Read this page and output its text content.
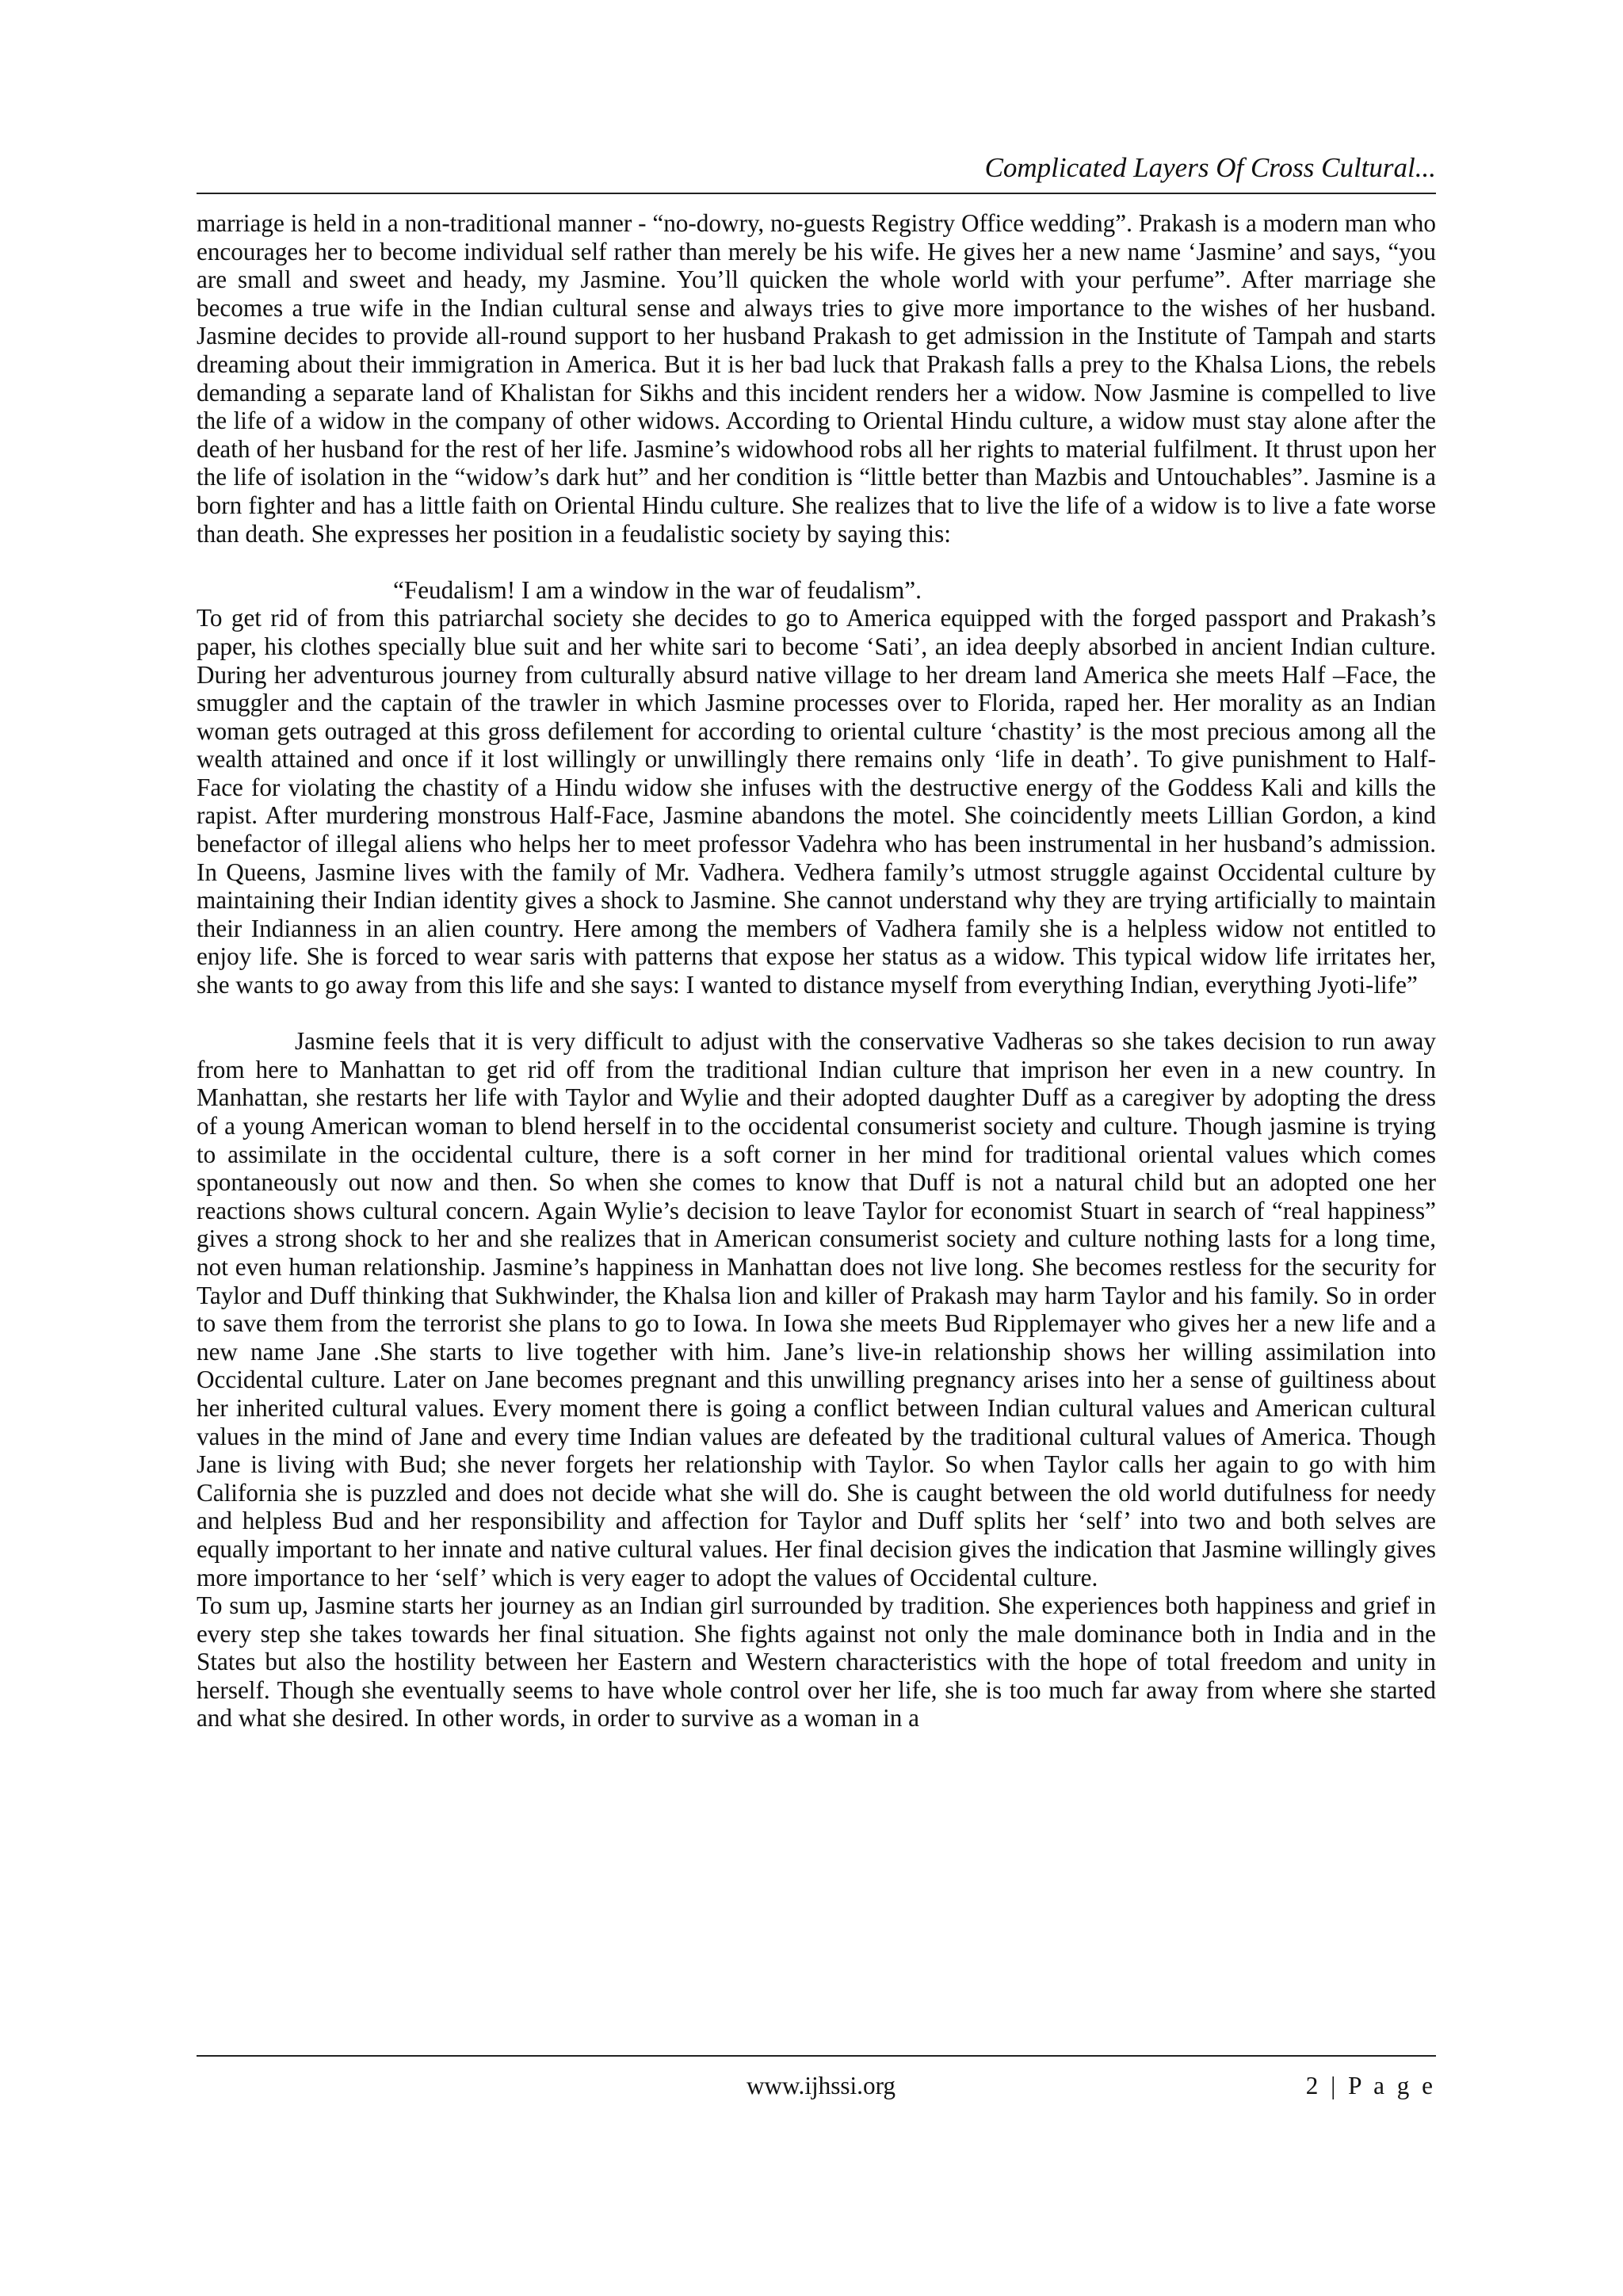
Complicated Layers Of Cross Cultural...

marriage is held in a non-traditional manner - “no-dowry, no-guests Registry Office wedding”. Prakash is a modern man who encourages her to become individual self rather than merely be his wife. He gives her a new name ‘Jasmine’ and says, “you are small and sweet and heady, my Jasmine. You’ll quicken the whole world with your perfume”. After marriage she becomes a true wife in the Indian cultural sense and always tries to give more importance to the wishes of her husband. Jasmine decides to provide all-round support to her husband Prakash to get admission in the Institute of Tampah and starts dreaming about their immigration in America. But it is her bad luck that Prakash falls a prey to the Khalsa Lions, the rebels demanding a separate land of Khalistan for Sikhs and this incident renders her a widow. Now Jasmine is compelled to live the life of a widow in the company of other widows. According to Oriental Hindu culture, a widow must stay alone after the death of her husband for the rest of her life. Jasmine’s widowhood robs all her rights to material fulfilment. It thrust upon her the life of isolation in the “widow’s dark hut” and her condition is “little better than Mazbis and Untouchables”. Jasmine is a born fighter and has a little faith on Oriental Hindu culture. She realizes that to live the life of a widow is to live a fate worse than death. She expresses her position in a feudalistic society by saying this:

“Feudalism! I am a window in the war of feudalism”.

To get rid of from this patriarchal society she decides to go to America equipped with the forged passport and Prakash’s paper, his clothes specially blue suit and her white sari to become ‘Sati’, an idea deeply absorbed in ancient Indian culture. During her adventurous journey from culturally absurd native village to her dream land America she meets Half –Face, the smuggler and the captain of the trawler in which Jasmine processes over to Florida, raped her. Her morality as an Indian woman gets outraged at this gross defilement for according to oriental culture ‘chastity’ is the most precious among all the wealth attained and once if it lost willingly or unwillingly there remains only ‘life in death’. To give punishment to Half-Face for violating the chastity of a Hindu widow she infuses with the destructive energy of the Goddess Kali and kills the rapist. After murdering monstrous Half-Face, Jasmine abandons the motel. She coincidently meets Lillian Gordon, a kind benefactor of illegal aliens who helps her to meet professor Vadehra who has been instrumental in her husband’s admission. In Queens, Jasmine lives with the family of Mr. Vadhera. Vedhera family’s utmost struggle against Occidental culture by maintaining their Indian identity gives a shock to Jasmine. She cannot understand why they are trying artificially to maintain their Indianness in an alien country. Here among the members of Vadhera family she is a helpless widow not entitled to enjoy life. She is forced to wear saris with patterns that expose her status as a widow. This typical widow life irritates her, she wants to go away from this life and she says: I wanted to distance myself from everything Indian, everything Jyoti-life”

Jasmine feels that it is very difficult to adjust with the conservative Vadheras so she takes decision to run away from here to Manhattan to get rid off from the traditional Indian culture that imprison her even in a new country. In Manhattan, she restarts her life with Taylor and Wylie and their adopted daughter Duff as a caregiver by adopting the dress of a young American woman to blend herself in to the occidental consumerist society and culture. Though jasmine is trying to assimilate in the occidental culture, there is a soft corner in her mind for traditional oriental values which comes spontaneously out now and then. So when she comes to know that Duff is not a natural child but an adopted one her reactions shows cultural concern. Again Wylie’s decision to leave Taylor for economist Stuart in search of “real happiness” gives a strong shock to her and she realizes that in American consumerist society and culture nothing lasts for a long time, not even human relationship. Jasmine’s happiness in Manhattan does not live long. She becomes restless for the security for Taylor and Duff thinking that Sukhwinder, the Khalsa lion and killer of Prakash may harm Taylor and his family. So in order to save them from the terrorist she plans to go to Iowa. In Iowa she meets Bud Ripplemayer who gives her a new life and a new name Jane .She starts to live together with him. Jane’s live-in relationship shows her willing assimilation into Occidental culture. Later on Jane becomes pregnant and this unwilling pregnancy arises into her a sense of guiltiness about her inherited cultural values. Every moment there is going a conflict between Indian cultural values and American cultural values in the mind of Jane and every time Indian values are defeated by the traditional cultural values of America. Though Jane is living with Bud; she never forgets her relationship with Taylor. So when Taylor calls her again to go with him California she is puzzled and does not decide what she will do. She is caught between the old world dutifulness for needy and helpless Bud and her responsibility and affection for Taylor and Duff splits her ‘self’ into two and both selves are equally important to her innate and native cultural values. Her final decision gives the indication that Jasmine willingly gives more importance to her ‘self’ which is very eager to adopt the values of Occidental culture.

To sum up, Jasmine starts her journey as an Indian girl surrounded by tradition. She experiences both happiness and grief in every step she takes towards her final situation. She fights against not only the male dominance both in India and in the States but also the hostility between her Eastern and Western characteristics with the hope of total freedom and unity in herself. Though she eventually seems to have whole control over her life, she is too much far away from where she started and what she desired. In other words, in order to survive as a woman in a

www.ijhssi.org	2 | P a g e
